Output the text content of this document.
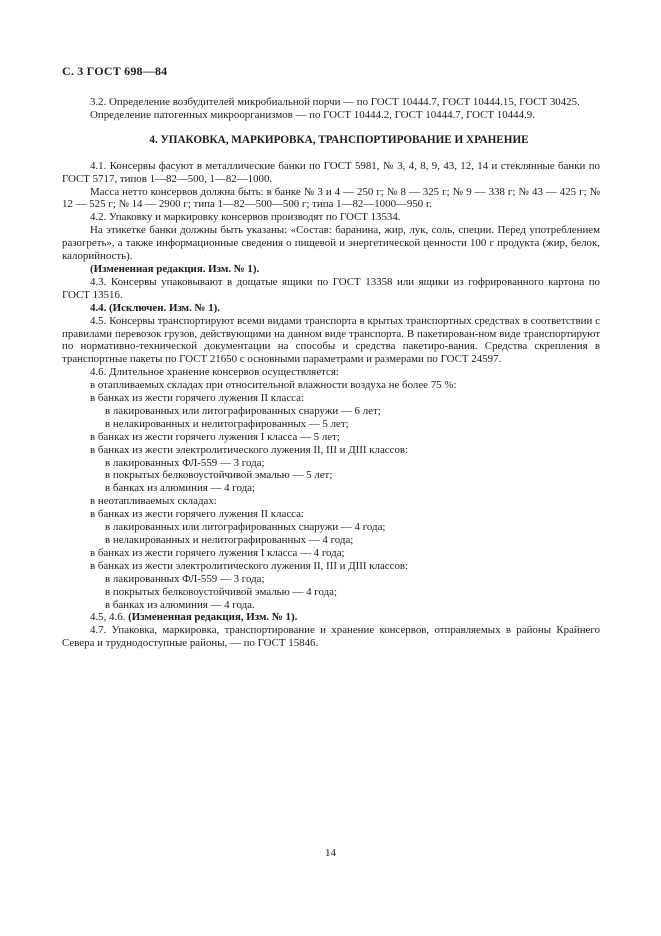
С. 3 ГОСТ 698—84

3.2. Определение возбудителей микробиальной порчи — по ГОСТ 10444.7, ГОСТ 10444.15, ГОСТ 30425.

Определение патогенных микроорганизмов — по ГОСТ 10444.2, ГОСТ 10444.7, ГОСТ 10444.9.

4. УПАКОВКА, МАРКИРОВКА, ТРАНСПОРТИРОВАНИЕ И ХРАНЕНИЕ

4.1. Консервы фасуют в металлические банки по ГОСТ 5981, № 3, 4, 8, 9, 43, 12, 14 и стеклянные банки по ГОСТ 5717, типов 1—82—500, 1—82—1000.

Масса нетто консервов должна быть: в банке № 3 и 4 — 250 г; № 8 — 325 г; № 9 — 338 г; № 43 — 425 г; № 12 — 525 г; № 14 — 2900 г; типа 1—82—500—500 г; типа 1—82—1000—950 г.

4.2. Упаковку и маркировку консервов производят по ГОСТ 13534.

На этикетке банки должны быть указаны: «Состав: баранина, жир, лук, соль, специи. Перед употреблением разогреть», а также информационные сведения о пищевой и энергетической ценности 100 г продукта (жир, белок, калорийность).

(Измененная редакция. Изм. № 1).

4.3. Консервы упаковывают в дощатые ящики по ГОСТ 13358 или ящики из гофрированного картона по ГОСТ 13516.

4.4. (Исключен. Изм. № 1).

4.5. Консервы транспортируют всеми видами транспорта в крытых транспортных средствах в соответствии с правилами перевозок грузов, действующими на данном виде транспорта. В пакетирован-ном виде транспортируют по нормативно-технической документации на способы и средства пакетиро-вания. Средства скрепления в транспортные пакеты по ГОСТ 21650 с основными параметрами и размерами по ГОСТ 24597.

4.6. Длительное хранение консервов осуществляется:

в отапливаемых складах при относительной влажности воздуха не более 75 %:

в банках из жести горячего лужения II класса:

в лакированных или литографированных снаружи — 6 лет;

в нелакированных и нелитографированных — 5 лет;

в банках из жести горячего лужения I класса — 5 лет;

в банках из жести электролитического лужения II, III и ДIII классов:

в лакированных ФЛ-559 — 3 года;

в покрытых белковоустойчивой эмалью — 5 лет;

в банках из алюминия — 4 года;

в неотапливаемых складах:

в банках из жести горячего лужения II класса:

в лакированных или литографированных снаружи — 4 года;

в нелакированных и нелитографированных — 4 года;

в банках из жести горячего лужения I класса — 4 года;

в банках из жести электролитического лужения II, III и ДIII классов:

в лакированных ФЛ-559 — 3 года;

в покрытых белковоустойчивой эмалью — 4 года;

в банках из алюминия — 4 года.

4.5, 4.6. (Измененная редакция, Изм. № 1).

4.7. Упаковка, маркировка, транспортирование и хранение консервов, отправляемых в районы Крайнего Севера и труднодоступные районы, — по ГОСТ 15846.

14
